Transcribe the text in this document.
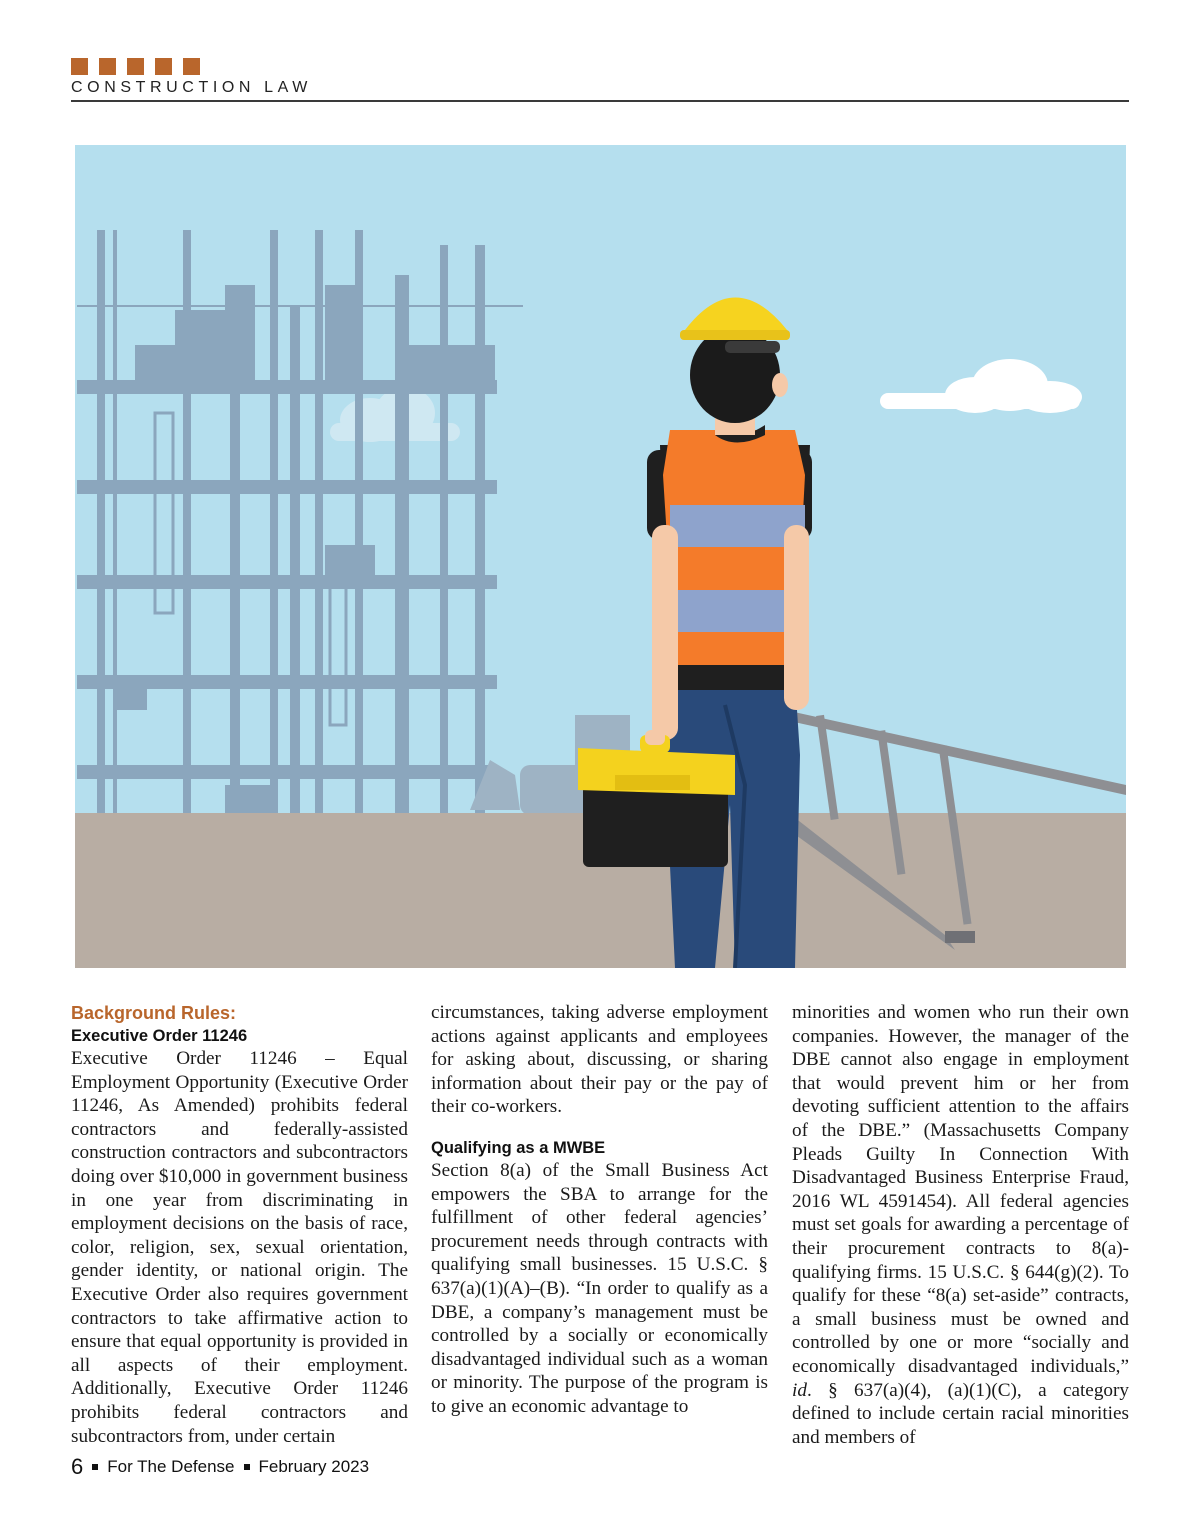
CONSTRUCTION LAW

Background Rules:

Executive Order 11246

Executive Order 11246 – Equal Employment Opportunity (Executive Order 11246, As Amended) prohibits federal contractors and federally-assisted construction contractors and subcontractors doing over $10,000 in government business in one year from discriminating in employment decisions on the basis of race, color, religion, sex, sexual orientation, gender identity, or national origin. The Executive Order also requires government contractors to take affirmative action to ensure that equal opportunity is provided in all aspects of their employment. Additionally, Executive Order 11246 prohibits federal contractors and subcontractors from, under certain

circumstances, taking adverse employment actions against applicants and employees for asking about, discussing, or sharing information about their pay or the pay of their co-workers.

Qualifying as a MWBE

Section 8(a) of the Small Business Act empowers the SBA to arrange for the fulfillment of other federal agencies’ procurement needs through contracts with qualifying small businesses. 15 U.S.C. § 637(a)(1)(A)–(B). “In order to qualify as a DBE, a company’s management must be controlled by a socially or economically disadvantaged individual such as a woman or minority. The purpose of the program is to give an economic advantage to

minorities and women who run their own companies. However, the manager of the DBE cannot also engage in employment that would prevent him or her from devoting sufficient attention to the affairs of the DBE.” (Massachusetts Company Pleads Guilty In Connection With Disadvantaged Business Enterprise Fraud, 2016 WL 4591454). All federal agencies must set goals for awarding a percentage of their procurement contracts to 8(a)-qualifying firms. 15 U.S.C. § 644(g)(2). To qualify for these “8(a) set-aside” contracts, a small business must be owned and controlled by one or more “socially and economically disadvantaged individuals,” id. § 637(a)(4), (a)(1)(C), a category defined to include certain racial minorities and members of

6 For The Defense February 2023
